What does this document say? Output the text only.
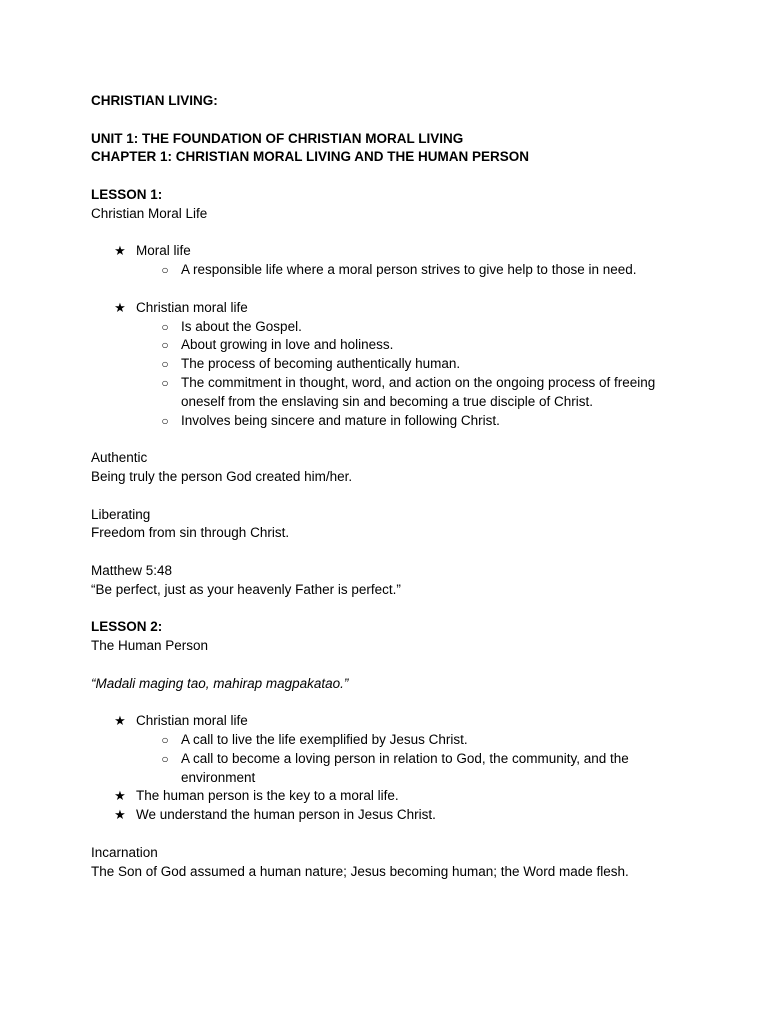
CHRISTIAN LIVING:

UNIT 1: THE FOUNDATION OF CHRISTIAN MORAL LIVING

CHAPTER 1: CHRISTIAN MORAL LIVING AND THE HUMAN PERSON

LESSON 1:

Christian Moral Life

★ Moral life
○ A responsible life where a moral person strives to give help to those in need.
★ Christian moral life
○ Is about the Gospel.
○ About growing in love and holiness.
○ The process of becoming authentically human.
○ The commitment in thought, word, and action on the ongoing process of freeing oneself from the enslaving sin and becoming a true disciple of Christ.
○ Involves being sincere and mature in following Christ.

Authentic

Being truly the person God created him/her.

Liberating

Freedom from sin through Christ.

Matthew 5:48

“Be perfect, just as your heavenly Father is perfect.”

LESSON 2:

The Human Person

“Madali maging tao, mahirap magpakatao.”

★ Christian moral life
○ A call to live the life exemplified by Jesus Christ.
○ A call to become a loving person in relation to God, the community, and the environment
★ The human person is the key to a moral life.
★ We understand the human person in Jesus Christ.

Incarnation

The Son of God assumed a human nature; Jesus becoming human; the Word made flesh.
